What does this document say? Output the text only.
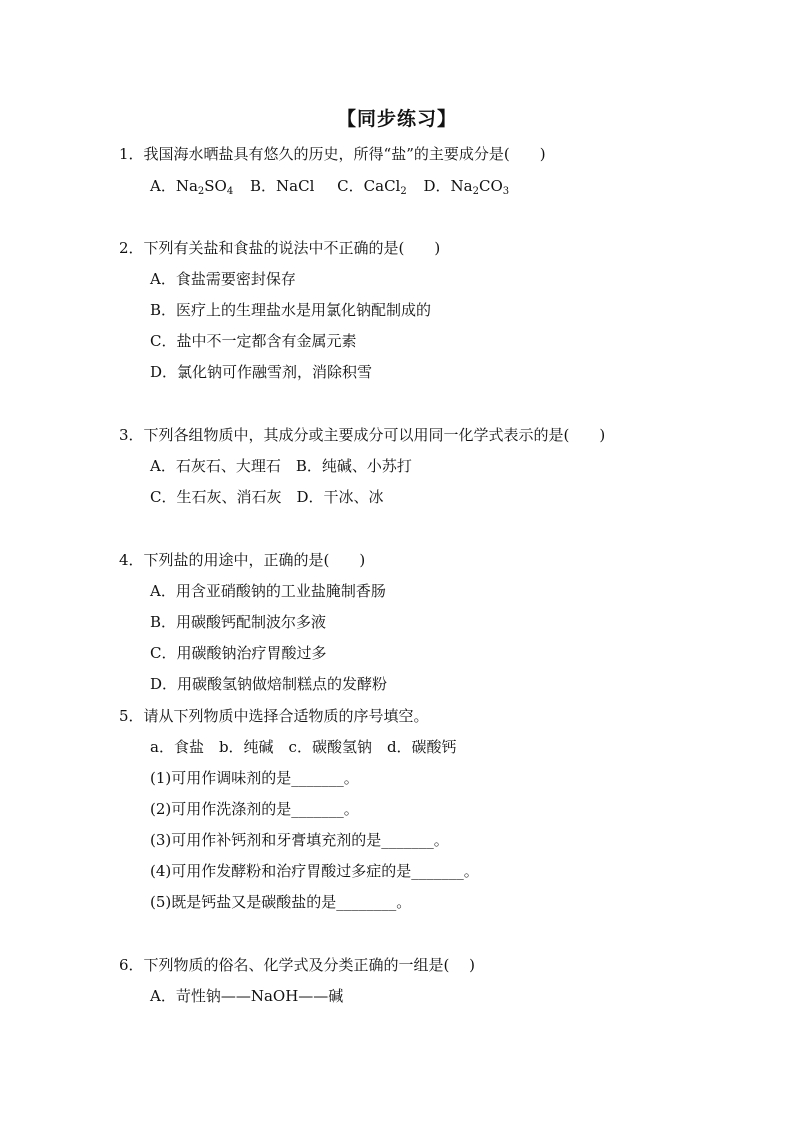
【同步练习】
1．我国海水晒盐具有悠久的历史，所得“盐”的主要成分是(　　)
A．$Na_2SO_4$ B．NaCl C．CaCl$_2$ D．$Na_2CO_3$
2．下列有关盐和食盐的说法中不正确的是(　　)
A．食盐需要密封保存
B．医疗上的生理盐水是用氯化钠配制成的
C．盐中不一定都含有金属元素
D．氯化钠可作融雪剂，消除积雪
3．下列各组物质中，其成分或主要成分可以用同一化学式表示的是(　　)
A．石灰石、大理石　B．纯碱、小苏打
C．生石灰、消石灰　D．干冰、冰
4．下列盐的用途中，正确的是(　　)
A．用含亚硝酸钠的工业盐腌制香肠
B．用碳酸钙配制波尔多液
C．用碳酸钠治疗胃酸过多
D．用碳酸氢钠做焙制糕点的发酵粉
5．请从下列物质中选择合适物质的序号填空。
a．食盐　b．纯碱　c．碳酸氢钠　d．碳酸钙
(1)可用作调味剂的是_______。
(2)可用作洗涤剂的是_______。
(3)可用作补钙剂和牙膏填充剂的是_______。
(4)可用作发酵粉和治疗胃酸过多症的是_______。
(5)既是钙盐又是碳酸盐的是________。
6．下列物质的俗名、化学式及分类正确的一组是(　 )
A．苛性钠——NaOH——碱
